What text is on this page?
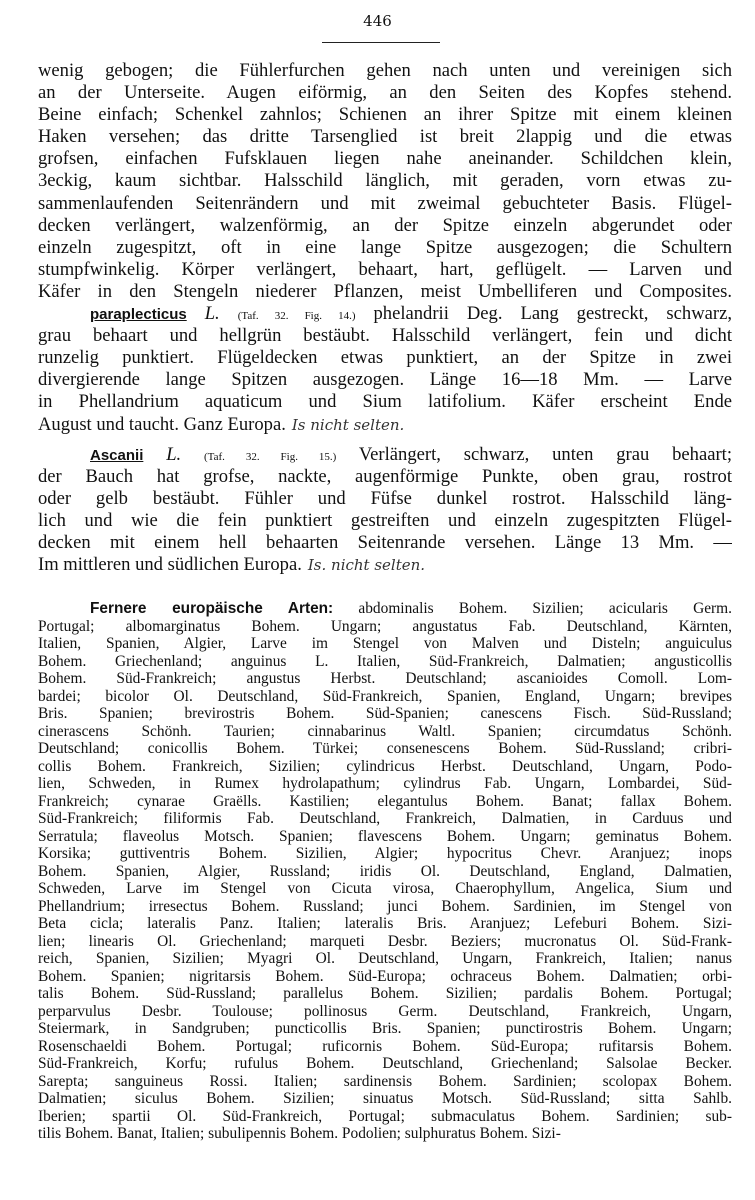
446
wenig gebogen; die Fühlerfurchen gehen nach unten und vereinigen sich
an der Unterseite. Augen eiförmig, an den Seiten des Kopfes stehend.
Beine einfach; Schenkel zahnlos; Schienen an ihrer Spitze mit einem kleinen
Haken versehen; das dritte Tarsenglied ist breit 2lappig und die etwas
grofsen, einfachen Fufsklauen liegen nahe aneinander. Schildchen klein,
3eckig, kaum sichtbar. Halsschild länglich, mit geraden, vorn etwas zu-
sammenlaufenden Seitenrändern und mit zweimal gebuchteter Basis. Flügel-
decken verlängert, walzenförmig, an der Spitze einzeln abgerundet oder
einzeln zugespitzt, oft in eine lange Spitze ausgezogen; die Schultern
stumpfwinkelig. Körper verlängert, behaart, hart, geflügelt. — Larven und
Käfer in den Stengeln niederer Pflanzen, meist Umbelliferen und Composites.
paraplecticus L. (Taf. 32. Fig. 14.) phelandrii Deg. Lang gestreckt, schwarz,
grau behaart und hellgrün bestäubt. Halsschild verlängert, fein und dicht
runzelig punktiert. Flügeldecken etwas punktiert, an der Spitze in zwei
divergierende lange Spitzen ausgezogen. Länge 16—18 Mm. — Larve
in Phellandrium aquaticum und Sium latifolium. Käfer erscheint Ende
August und taucht. Ganz Europa. Is nicht selten.
Ascanii L. (Taf. 32. Fig. 15.) Verlängert, schwarz, unten grau behaart;
der Bauch hat grofse, nackte, augenförmige Punkte, oben grau, rostrot
oder gelb bestäubt. Fühler und Füfse dunkel rostrot. Halsschild läng-
lich und wie die fein punktiert gestreiften und einzeln zugespitzten Flügel-
decken mit einem hell behaarten Seitenrande versehen. Länge 13 Mm. —
Im mittleren und südlichen Europa. Is. nicht selten.
Fernere europäische Arten: abdominalis Bohem. Sizilien; acicularis Germ.
Portugal; albomarginatus Bohem. Ungarn; angustatus Fab. Deutschland, Kärnten,
Italien, Spanien, Algier, Larve im Stengel von Malven und Disteln; anguiculus
Bohem. Griechenland; anguinus L. Italien, Süd-Frankreich, Dalmatien; angusticollis
Bohem. Süd-Frankreich; angustus Herbst. Deutschland; ascanioides Comoll. Lom-
bardei; bicolor Ol. Deutschland, Süd-Frankreich, Spanien, England, Ungarn; brevipes
Bris. Spanien; brevirostris Bohem. Süd-Spanien; canescens Fisch. Süd-Russland;
cinerascens Schönh. Taurien; cinnabarinus Waltl. Spanien; circumdatus Schönh.
Deutschland; conicollis Bohem. Türkei; consenescens Bohem. Süd-Russland; cribri-
collis Bohem. Frankreich, Sizilien; cylindricus Herbst. Deutschland, Ungarn, Podo-
lien, Schweden, in Rumex hydrolapathum; cylindrus Fab. Ungarn, Lombardei, Süd-
Frankreich; cynarae Graëlls. Kastilien; elegantulus Bohem. Banat; fallax Bohem.
Süd-Frankreich; filiformis Fab. Deutschland, Frankreich, Dalmatien, in Carduus und
Serratula; flaveolus Motsch. Spanien; flavescens Bohem. Ungarn; geminatus Bohem.
Korsika; guttiventris Bohem. Sizilien, Algier; hypocritus Chevr. Aranjuez; inops
Bohem. Spanien, Algier, Russland; iridis Ol. Deutschland, England, Dalmatien,
Schweden, Larve im Stengel von Cicuta virosa, Chaerophyllum, Angelica, Sium und
Phellandrium; irresectus Bohem. Russland; junci Bohem. Sardinien, im Stengel von
Beta cicla; lateralis Panz. Italien; lateralis Bris. Aranjuez; Lefeburi Bohem. Sizi-
lien; linearis Ol. Griechenland; marqueti Desbr. Beziers; mucronatus Ol. Süd-Frank-
reich, Spanien, Sizilien; Myagri Ol. Deutschland, Ungarn, Frankreich, Italien; nanus
Bohem. Spanien; nigritarsis Bohem. Süd-Europa; ochraceus Bohem. Dalmatien; orbi-
talis Bohem. Süd-Russland; parallelus Bohem. Sizilien; pardalis Bohem. Portugal;
perparvulus Desbr. Toulouse; pollinosus Germ. Deutschland, Frankreich, Ungarn,
Steiermark, in Sandgruben; puncticollis Bris. Spanien; punctirostris Bohem. Ungarn;
Rosenschaeldi Bohem. Portugal; ruficornis Bohem. Süd-Europa; rufitarsis Bohem.
Süd-Frankreich, Korfu; rufulus Bohem. Deutschland, Griechenland; Salsolae Becker.
Sarepta; sanguineus Rossi. Italien; sardinensis Bohem. Sardinien; scolopax Bohem.
Dalmatien; siculus Bohem. Sizilien; sinuatus Motsch. Süd-Russland; sitta Sahlb.
Iberien; spartii Ol. Süd-Frankreich, Portugal; submaculatus Bohem. Sardinien; sub-
tilis Bohem. Banat, Italien; subulipennis Bohem. Podolien; sulphuratus Bohem. Sizi-
